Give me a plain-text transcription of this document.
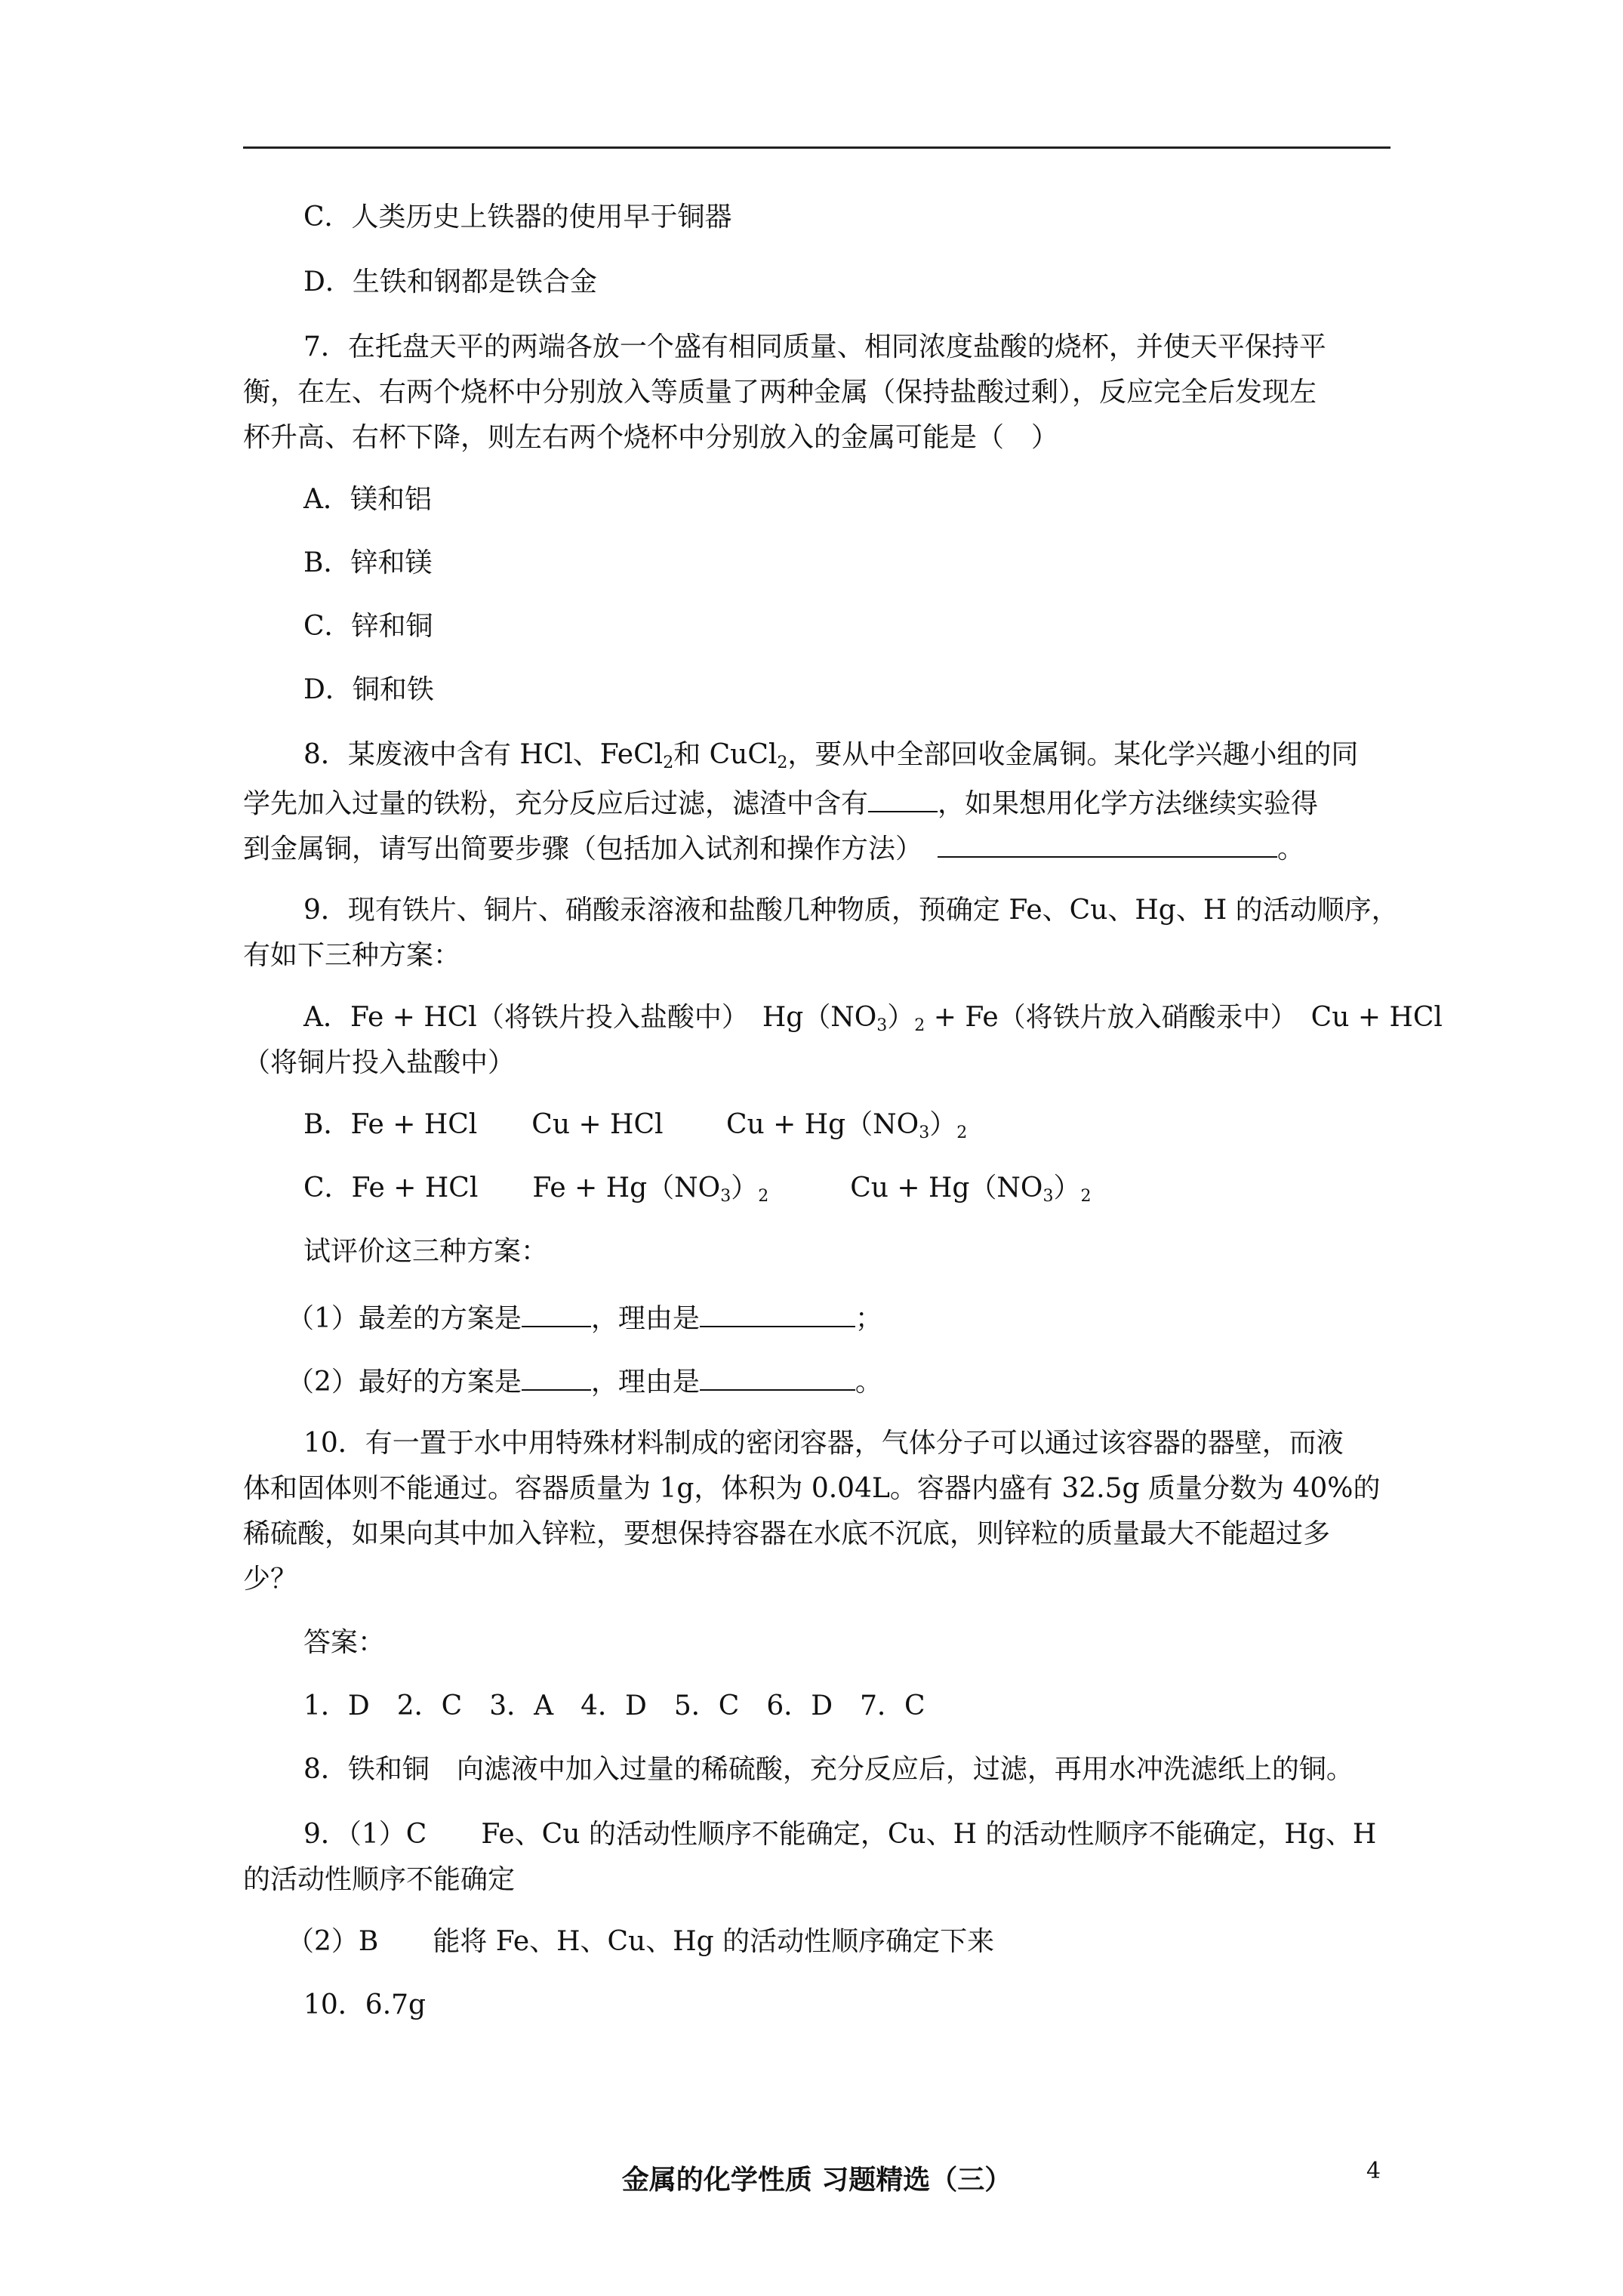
C．人类历史上铁器的使用早于铜器
D．生铁和钢都是铁合金
7．在托盘天平的两端各放一个盛有相同质量、相同浓度盐酸的烧杯，并使天平保持平
衡，在左、右两个烧杯中分别放入等质量了两种金属（保持盐酸过剩），反应完全后发现左
杯升高、右杯下降，则左右两个烧杯中分别放入的金属可能是（　）
A．镁和铝
B．锌和镁
C．锌和铜
D．铜和铁
8．某废液中含有 HCl、FeCl$_2$和 CuCl$_2$，要从中全部回收金属铜。某化学兴趣小组的同
学先加入过量的铁粉，充分反应后过滤，滤渣中含有	，如果想用化学方法继续实验得
到金属铜，请写出简要步骤（包括加入试剂和操作方法）	。
9．现有铁片、铜片、硝酸汞溶液和盐酸几种物质，预确定 Fe、Cu、Hg、H 的活动顺序，
有如下三种方案：
A．Fe + HCl（将铁片投入盐酸中）　$Hg(NO_3)_2 + Fe$（将铁片放入硝酸汞中）　Cu + HCl
（将铜片投入盐酸中）
B．Fe + HCl　　Cu + HCl　　 $Cu + Hg(NO_3)_2$
C．Fe + HCl　　$Fe + Hg(NO_3)_2$　　　$Cu + Hg(NO_3)_2$
试评价这三种方案：
（1）最差的方案是	，理由是	；
（2）最好的方案是	，理由是	。
10．有一置于水中用特殊材料制成的密闭容器，气体分子可以通过该容器的器壁，而液
体和固体则不能通过。容器质量为 1g，体积为 0.04L。容器内盛有 32.5g 质量分数为 40%的
稀硫酸，如果向其中加入锌粒，要想保持容器在水底不沉底，则锌粒的质量最大不能超过多
少？
答案：
1．D　2．C　3．A　4．D　5．C　6．D　7．C
8．铁和铜　向滤液中加入过量的稀硫酸，充分反应后，过滤，再用水冲洗滤纸上的铜。
9．（1）C　　Fe、Cu 的活动性顺序不能确定，Cu、H 的活动性顺序不能确定，Hg、H
的活动性顺序不能确定
（2）B　　能将 Fe、H、Cu、Hg 的活动性顺序确定下来
10．6.7g
金属的化学性质 习题精选（三）	4
